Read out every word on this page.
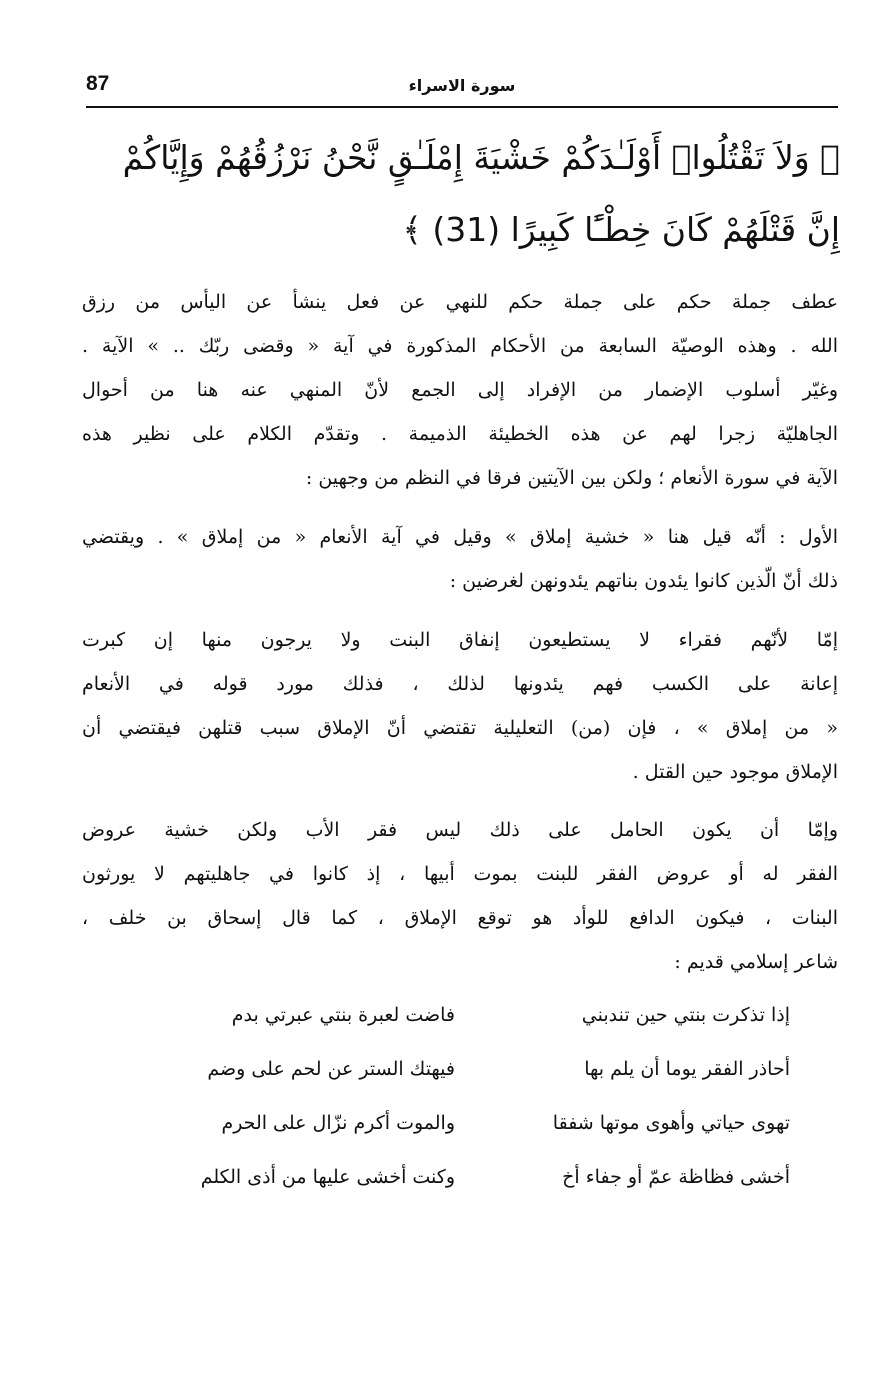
87	سورة الاسراء
﴿ وَلاَ تَقْتُلُوا۟ أَوْلَـٰدَكُمْ خَشْيَةَ إِمْلَـٰقٍ نَّحْنُ نَرْزُقُهُمْ وَإِيَّاكُمْ
إِنَّ قَتْلَهُمْ كَانَ خِطْـًٔا كَبِيرًا (31) ﴾
عطف جملة حكم على جملة حكم للنهي عن فعل ينشأ عن اليأس من رزق
الله . وهذه الوصيّة السابعة من الأحكام المذكورة في آية « وقضى ربّك .. » الآية .
وغيّر أسلوب الإضمار من الإفراد إلى الجمع لأنّ المنهي عنه هنا من أحوال
الجاهليّة زجرا لهم عن هذه الخطيئة الذميمة . وتقدّم الكلام على نظير هذه
الآية في سورة الأنعام ؛ ولكن بين الآيتين فرقا في النظم من وجهين :
الأول : أنّه قيل هنا « خشية إملاق » وقيل في آية الأنعام « من إملاق » . ويقتضي
ذلك أنّ الّذين كانوا يئدون بناتهم يئدونهن لغرضين :
إمّا لأنّهم فقراء لا يستطيعون إنفاق البنت ولا يرجون منها إن كبرت
إعانة على الكسب فهم يئدونها لذلك ، فذلك مورد قوله في الأنعام
« من إملاق » ، فإن (من) التعليلية تقتضي أنّ الإملاق سبب قتلهن فيقتضي أن
الإملاق موجود حين القتل .
وإمّا أن يكون الحامل على ذلك ليس فقر الأب ولكن خشية عروض
الفقر له أو عروض الفقر للبنت بموت أبيها ، إذ كانوا في جاهليتهم لا يورثون
البنات ، فيكون الدافع للوأد هو توقع الإملاق ، كما قال إسحاق بن خلف ،
شاعر إسلامي قديم :
إذا تذكرت بنتي حين تندبني
فاضت لعبرة بنتي عبرتي بدم
أحاذر الفقر يوما أن يلم بها
فيهتك الستر عن لحم على وضم
تهوى حياتي وأهوى موتها شفقا
والموت أكرم نزّال على الحرم
أخشى فظاظة عمّ أو جفاء أخ
وكنت أخشى عليها من أذى الكلم
